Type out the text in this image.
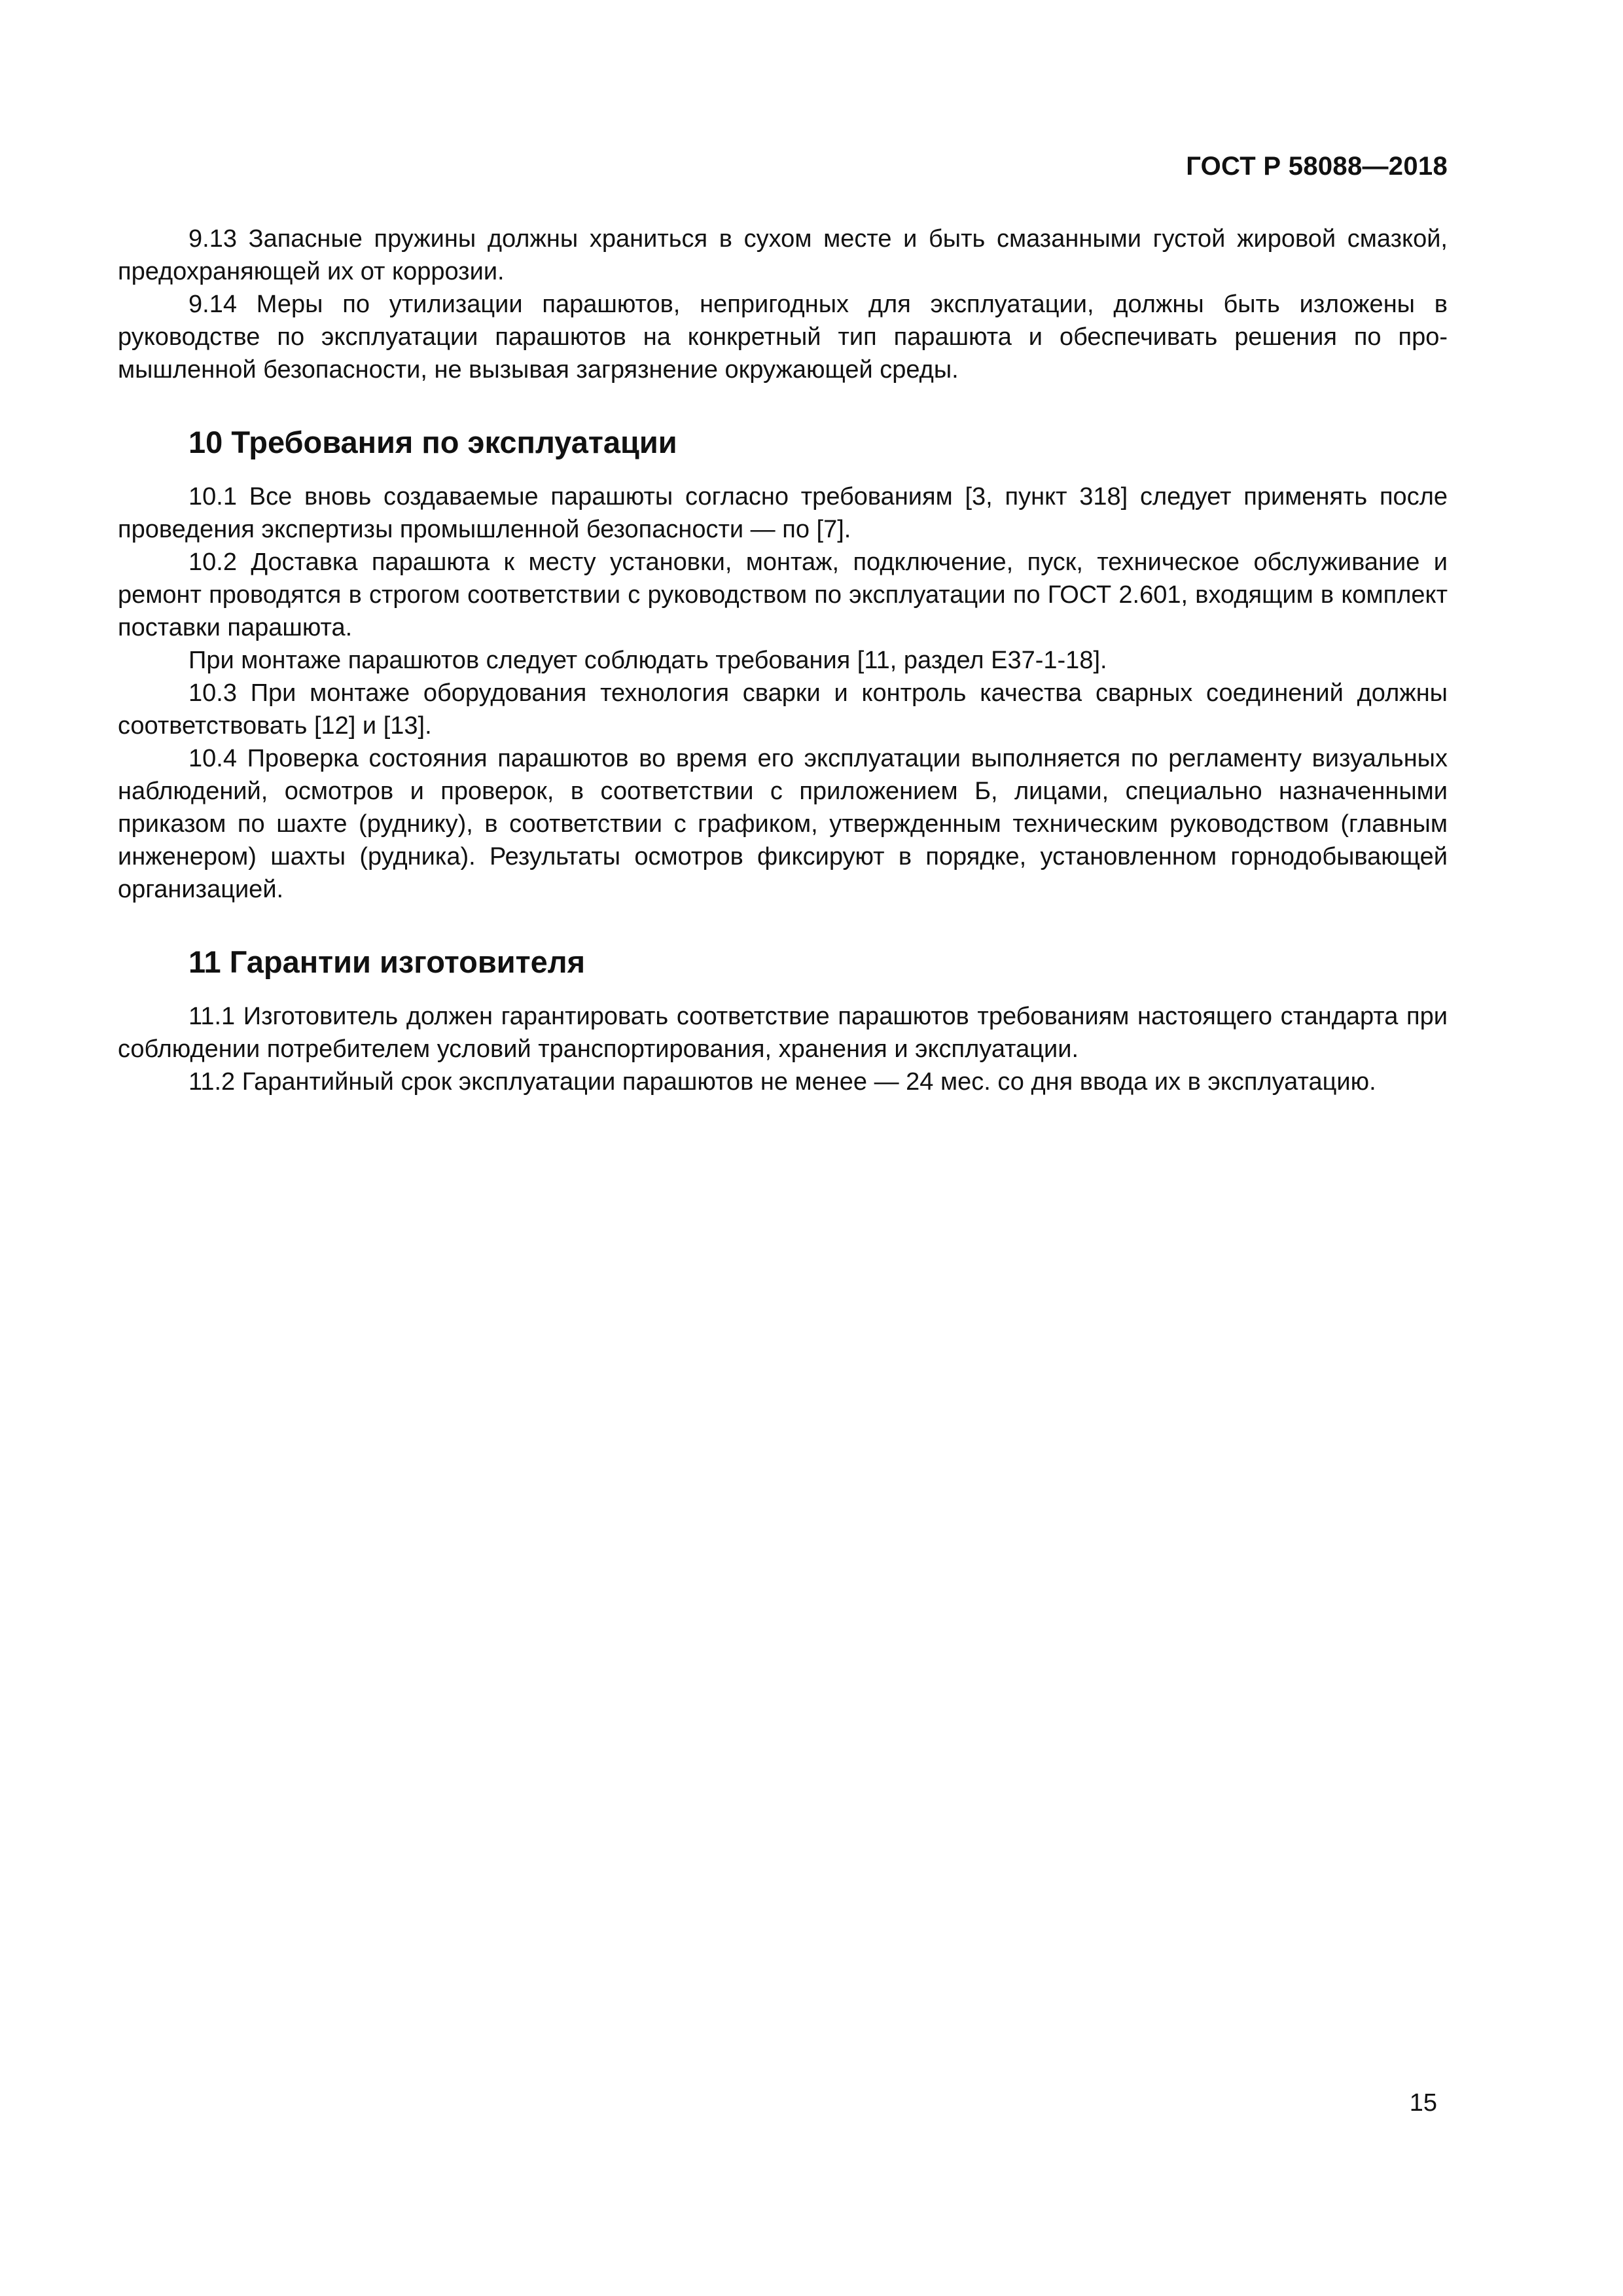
ГОСТ Р 58088—2018

9.13 Запасные пружины должны храниться в сухом месте и быть смазанными густой жировой смазкой, предохраняющей их от коррозии.

9.14 Меры по утилизации парашютов, непригодных для эксплуатации, должны быть изложены в руководстве по эксплуатации парашютов на конкретный тип парашюта и обеспечивать решения по промышленной безопасности, не вызывая загрязнение окружающей среды.

10 Требования по эксплуатации

10.1 Все вновь создаваемые парашюты согласно требованиям [3, пункт 318] следует применять после проведения экспертизы промышленной безопасности — по [7].

10.2 Доставка парашюта к месту установки, монтаж, подключение, пуск, техническое обслуживание и ремонт проводятся в строгом соответствии с руководством по эксплуатации по ГОСТ 2.601, входящим в комплект поставки парашюта.

При монтаже парашютов следует соблюдать требования [11, раздел Е37-1-18].

10.3 При монтаже оборудования технология сварки и контроль качества сварных соединений должны соответствовать [12] и [13].

10.4 Проверка состояния парашютов во время его эксплуатации выполняется по регламенту визуальных наблюдений, осмотров и проверок, в соответствии с приложением Б, лицами, специально назначенными приказом по шахте (руднику), в соответствии с графиком, утвержденным техническим руководством (главным инженером) шахты (рудника). Результаты осмотров фиксируют в порядке, установленном горнодобывающей организацией.

11 Гарантии изготовителя

11.1 Изготовитель должен гарантировать соответствие парашютов требованиям настоящего стандарта при соблюдении потребителем условий транспортирования, хранения и эксплуатации.

11.2 Гарантийный срок эксплуатации парашютов не менее — 24 мес. со дня ввода их в эксплуатацию.

15
